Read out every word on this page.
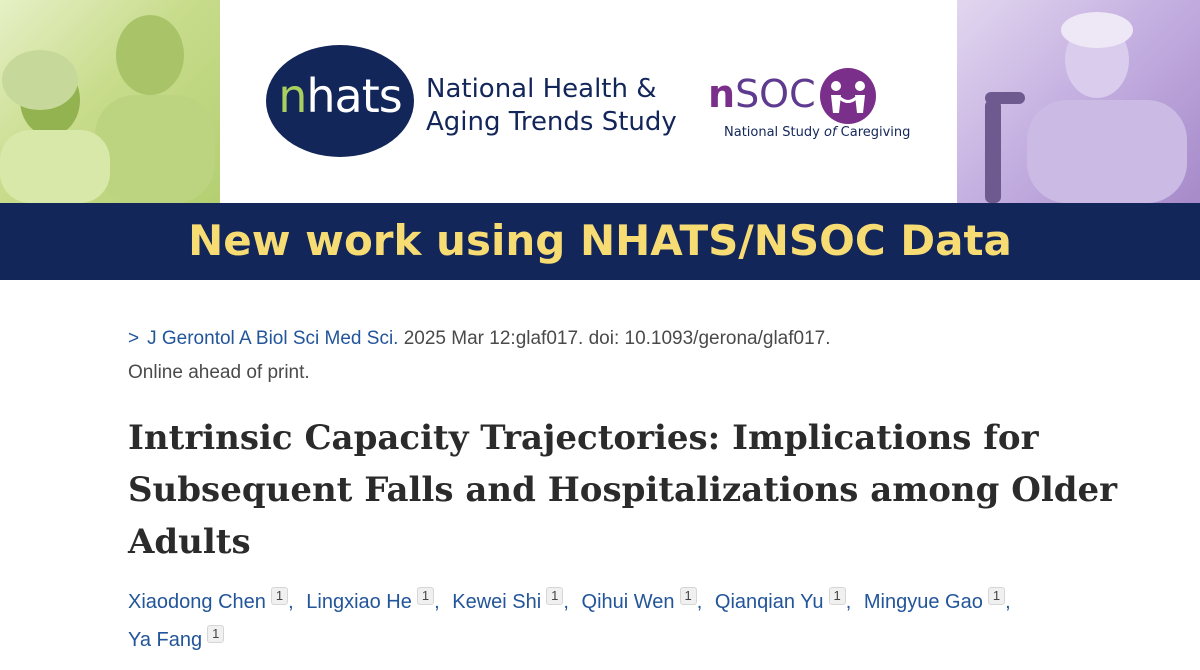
nhats National Health &
Aging Trends Study
nSOC
National Study of Caregiving
New work using NHATS/NSOC Data
> J Gerontol A Biol Sci Med Sci. 2025 Mar 12:glaf017. doi: 10.1093/gerona/glaf017.
Online ahead of print.
Intrinsic Capacity Trajectories: Implications for Subsequent Falls and Hospitalizations among Older Adults
Xiaodong Chen 1 , Lingxiao He 1 , Kewei Shi 1 , Qihui Wen 1 , Qianqian Yu 1 , Mingyue Gao 1 ,
Ya Fang 1
